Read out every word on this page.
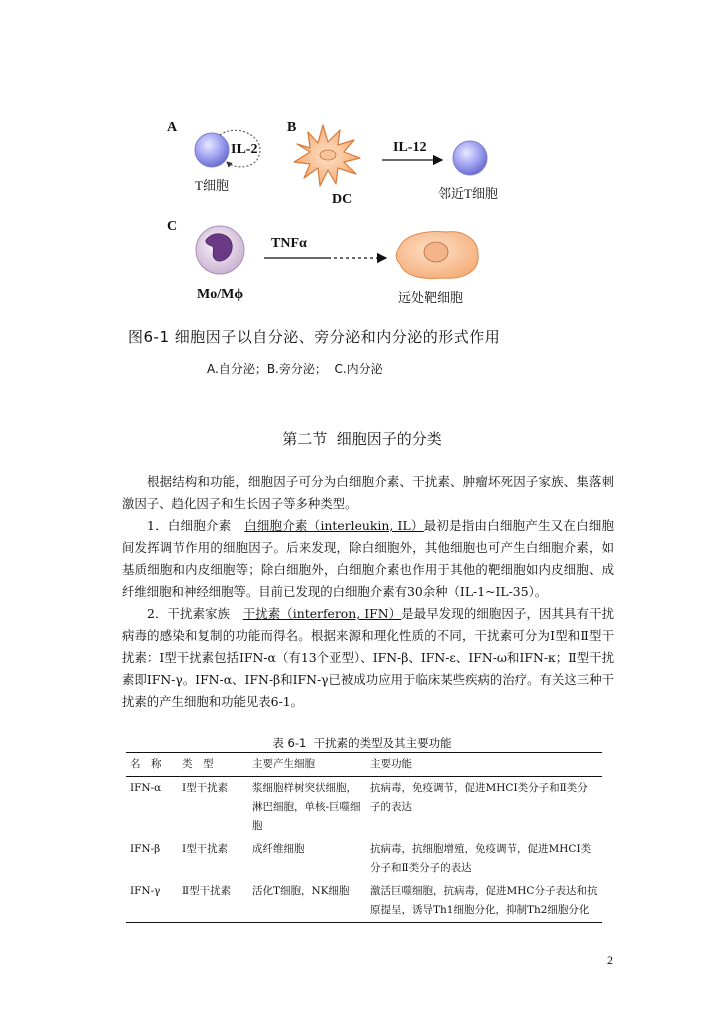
A	B
C
IL-2
T细胞
DC
IL-12
邻近T细胞
TNFα
Mo/Mϕ	远处靶细胞
图6-1 细胞因子以自分泌、旁分泌和内分泌的形式作用
A.自分泌；B.旁分泌；  C.内分泌
第二节  细胞因子的分类

根据结构和功能，细胞因子可分为白细胞介素、干扰素、肿瘤坏死因子家族、集落刺激因子、趋化因子和生长因子等多种类型。

1．白细胞介素　 白细胞介素（interleukin, IL）最初是指由白细胞产生又在白细胞间发挥调节作用的细胞因子。后来发现，除白细胞外，其他细胞也可产生白细胞介素，如基质细胞和内皮细胞等；除白细胞外，白细胞介素也作用于其他的靶细胞如内皮细胞、成纤维细胞和神经细胞等。目前已发现的白细胞介素有30余种（IL-1~IL-35）。

2．干扰素家族　 干扰素（interferon, IFN）是最早发现的细胞因子，因其具有干扰病毒的感染和复制的功能而得名。根据来源和理化性质的不同，干扰素可分为Ⅰ型和Ⅱ型干扰素：Ⅰ型干扰素包括IFN-α（有13个亚型）、IFN-β、IFN-ε、IFN-ω和IFN-κ；Ⅱ型干扰素即IFN-γ。IFN-α、IFN-β和IFN-γ已被成功应用于临床某些疾病的治疗。有关这三种干扰素的产生细胞和功能见表6-1。

表 6-1  干扰素的类型及其主要功能
名　称	类　型	主要产生细胞	主要功能
IFN-α	Ⅰ型干扰素	浆细胞样树突状细胞，淋巴细胞，单核-巨噬细胞	抗病毒，免疫调节，促进MHCⅠ类分子和Ⅱ类分子的表达
IFN-β	Ⅰ型干扰素	成纤维细胞	抗病毒，抗细胞增殖，免疫调节，促进MHCⅠ类分子和Ⅱ类分子的表达
IFN-γ	Ⅱ型干扰素	活化T细胞，NK细胞	激活巨噬细胞，抗病毒，促进MHC分子表达和抗原提呈，诱导Th1细胞分化，抑制Th2细胞分化
2
